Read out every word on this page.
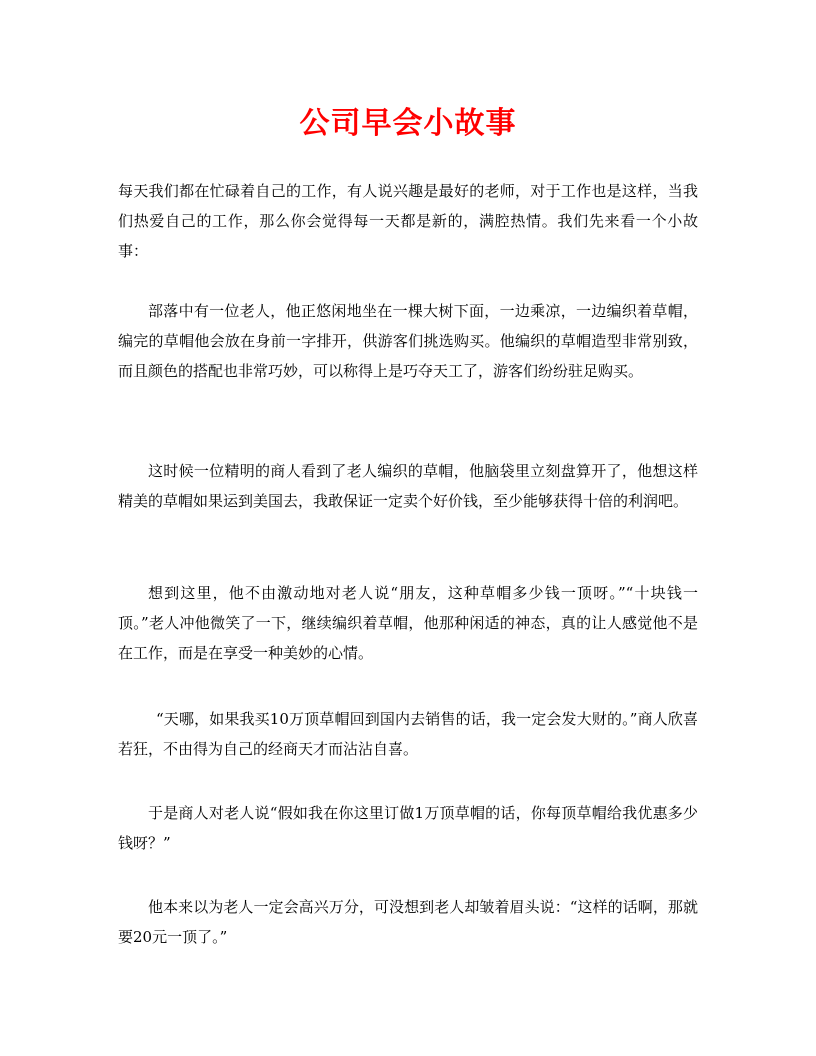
公司早会小故事
每天我们都在忙碌着自己的工作，有人说兴趣是最好的老师，对于工作也是这样，当我们热爱自己的工作，那么你会觉得每一天都是新的，满腔热情。我们先来看一个小故事：
部落中有一位老人，他正悠闲地坐在一棵大树下面，一边乘凉，一边编织着草帽，编完的草帽他会放在身前一字排开，供游客们挑选购买。他编织的草帽造型非常别致，而且颜色的搭配也非常巧妙，可以称得上是巧夺天工了，游客们纷纷驻足购买。
这时候一位精明的商人看到了老人编织的草帽，他脑袋里立刻盘算开了，他想这样精美的草帽如果运到美国去，我敢保证一定卖个好价钱，至少能够获得十倍的利润吧。
想到这里，他不由激动地对老人说“朋友，这种草帽多少钱一顶呀。”“十块钱一顶。”老人冲他微笑了一下，继续编织着草帽，他那种闲适的神态，真的让人感觉他不是在工作，而是在享受一种美妙的心情。
“天哪，如果我买10万顶草帽回到国内去销售的话，我一定会发大财的。”商人欣喜若狂，不由得为自己的经商天才而沾沾自喜。
于是商人对老人说“假如我在你这里订做1万顶草帽的话，你每顶草帽给我优惠多少钱呀？”
他本来以为老人一定会高兴万分，可没想到老人却皱着眉头说：“这样的话啊，那就要20元一顶了。”
